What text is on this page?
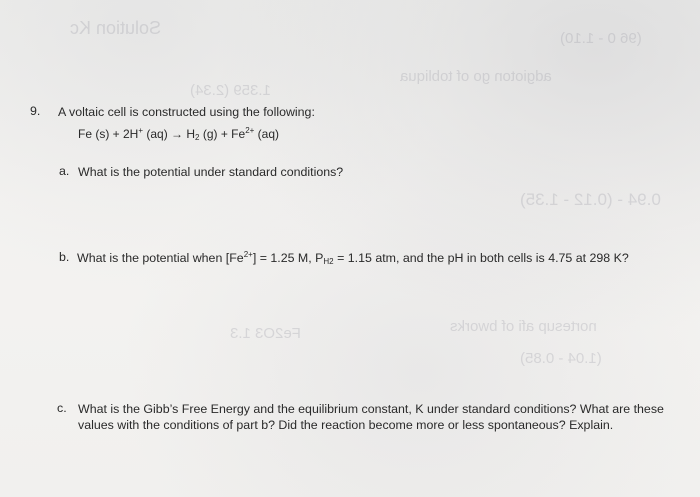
Solution Kc
1.359 (2.34)
adgioton go of tobliqua
(96 0 - 1.10)
0.94 - (0.12 - 1.35)
Fe2O3 1.3	nortesup afi of bworks
(1.04 - 0.85)
9. A voltaic cell is constructed using the following:
Fe (s) + 2H+ $(aq) \to H_2$ $(g) + Fe^{2+}$ (aq)
a. What is the potential under standard conditions?
b. What is the potential when $[Fe^{2+}] = 1.25$ M, $P_{H2} = 1.15$ atm, and the pH in both cells is 4.75 at 298 K?
c. What is the Gibb’s Free Energy and the equilibrium constant, K under standard conditions? What are these
values with the conditions of part b? Did the reaction become more or less spontaneous? Explain.
